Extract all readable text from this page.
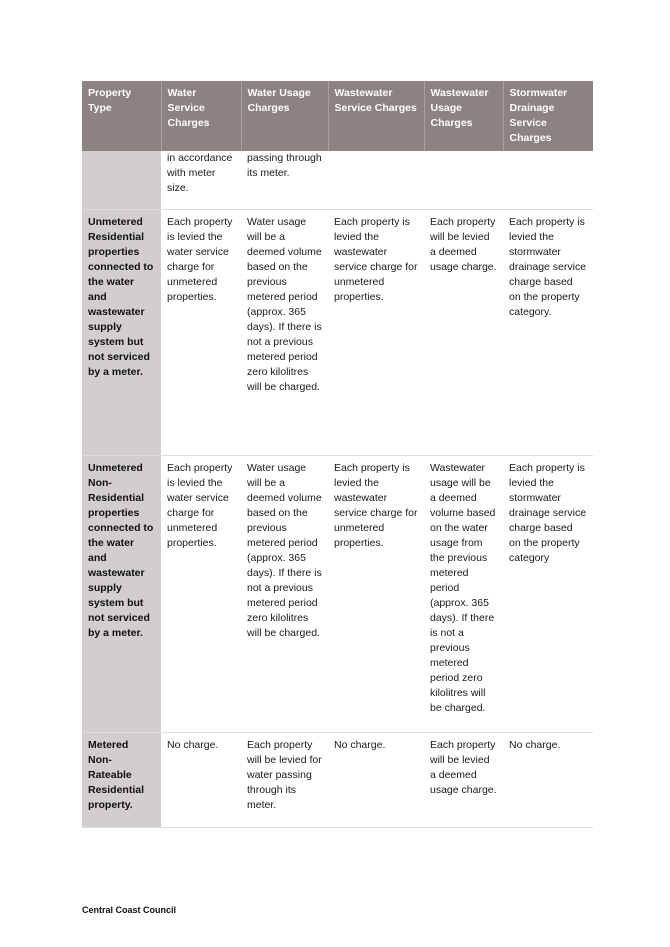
Property Type	Water Service Charges	Water Usage Charges	Wastewater Service Charges	Wastewater Usage Charges	Stormwater Drainage Service Charges
	in accordance with meter size.	passing through its meter.			
Unmetered Residential properties connected to the water and wastewater supply system but not serviced by a meter.	Each property is levied the water service charge for unmetered properties.	Water usage will be a deemed volume based on the previous metered period (approx. 365 days). If there is not a previous metered period zero kilolitres will be charged.	Each property is levied the wastewater service charge for unmetered properties.	Each property will be levied a deemed usage charge.	Each property is levied the stormwater drainage service charge based on the property category.
Unmetered Non-Residential properties connected to the water and wastewater supply system but not serviced by a meter.	Each property is levied the water service charge for unmetered properties.	Water usage will be a deemed volume based on the previous metered period (approx. 365 days). If there is not a previous metered period zero kilolitres will be charged.	Each property is levied the wastewater service charge for unmetered properties.	Wastewater usage will be a deemed volume based on the water usage from the previous metered period (approx. 365 days). If there is not a previous metered period zero kilolitres will be charged.	Each property is levied the stormwater drainage service charge based on the property category
Metered Non-Rateable Residential property.	No charge.	Each property will be levied for water passing through its meter.	No charge.	Each property will be levied a deemed usage charge.	No charge.
Central Coast Council
